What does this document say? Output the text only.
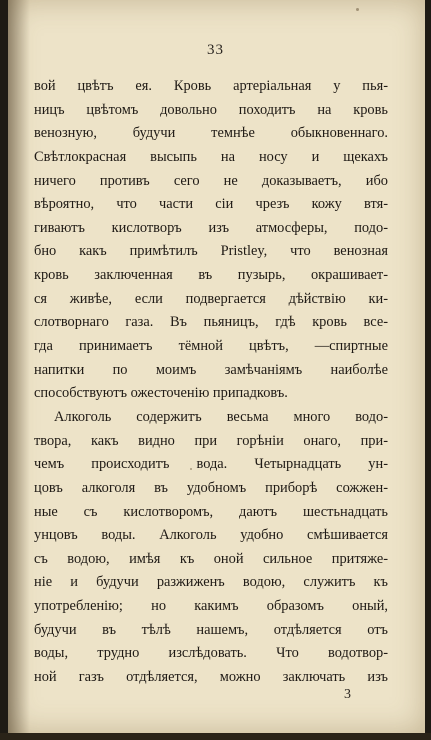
33
вой цвѣтъ ея. Кровь артеріальная у пья-
ницъ цвѣтомъ довольно походитъ на кровь
венозную, будучи темнѣе обыкновеннаго.
Свѣтлокрасная высыпь на носу и щекахъ
ничего противъ сего не доказываетъ, ибо
вѣроятно, что части сіи чрезъ кожу втя-
гиваютъ кислотворъ изъ атмосферы, подо-
бно какъ примѣтилъ Pristley, что венозная
кровь заключенная въ пузырь, окрашивает-
ся живѣе, если подвергается дѣйствію ки-
слотворнаго газа. Въ пьяницъ, гдѣ кровь все-
гда принимаетъ тёмной цвѣтъ, —спиртные
напитки по моимъ замѣчаніямъ наиболѣе
способствуютъ ожесточенію припадковъ.
Алкоголь содержитъ весьма много водо-
твора, какъ видно при горѣніи онаго, при-
чемъ происходитъ вода. Четырнадцать ун-
цовъ алкоголя въ удобномъ приборѣ сожжен-
ные съ кислотворомъ, даютъ шестьнадцать
унцовъ воды. Алкоголь удобно смѣшивается
съ водою, имѣя къ оной сильное притяже-
ніе и будучи разжиженъ водою, служитъ къ
употребленію; но какимъ образомъ оный,
будучи въ тѣлѣ нашемъ, отдѣляется отъ
воды, трудно изслѣдовать. Что водотвор-
ной газъ отдѣляется, можно заключать изъ
3
